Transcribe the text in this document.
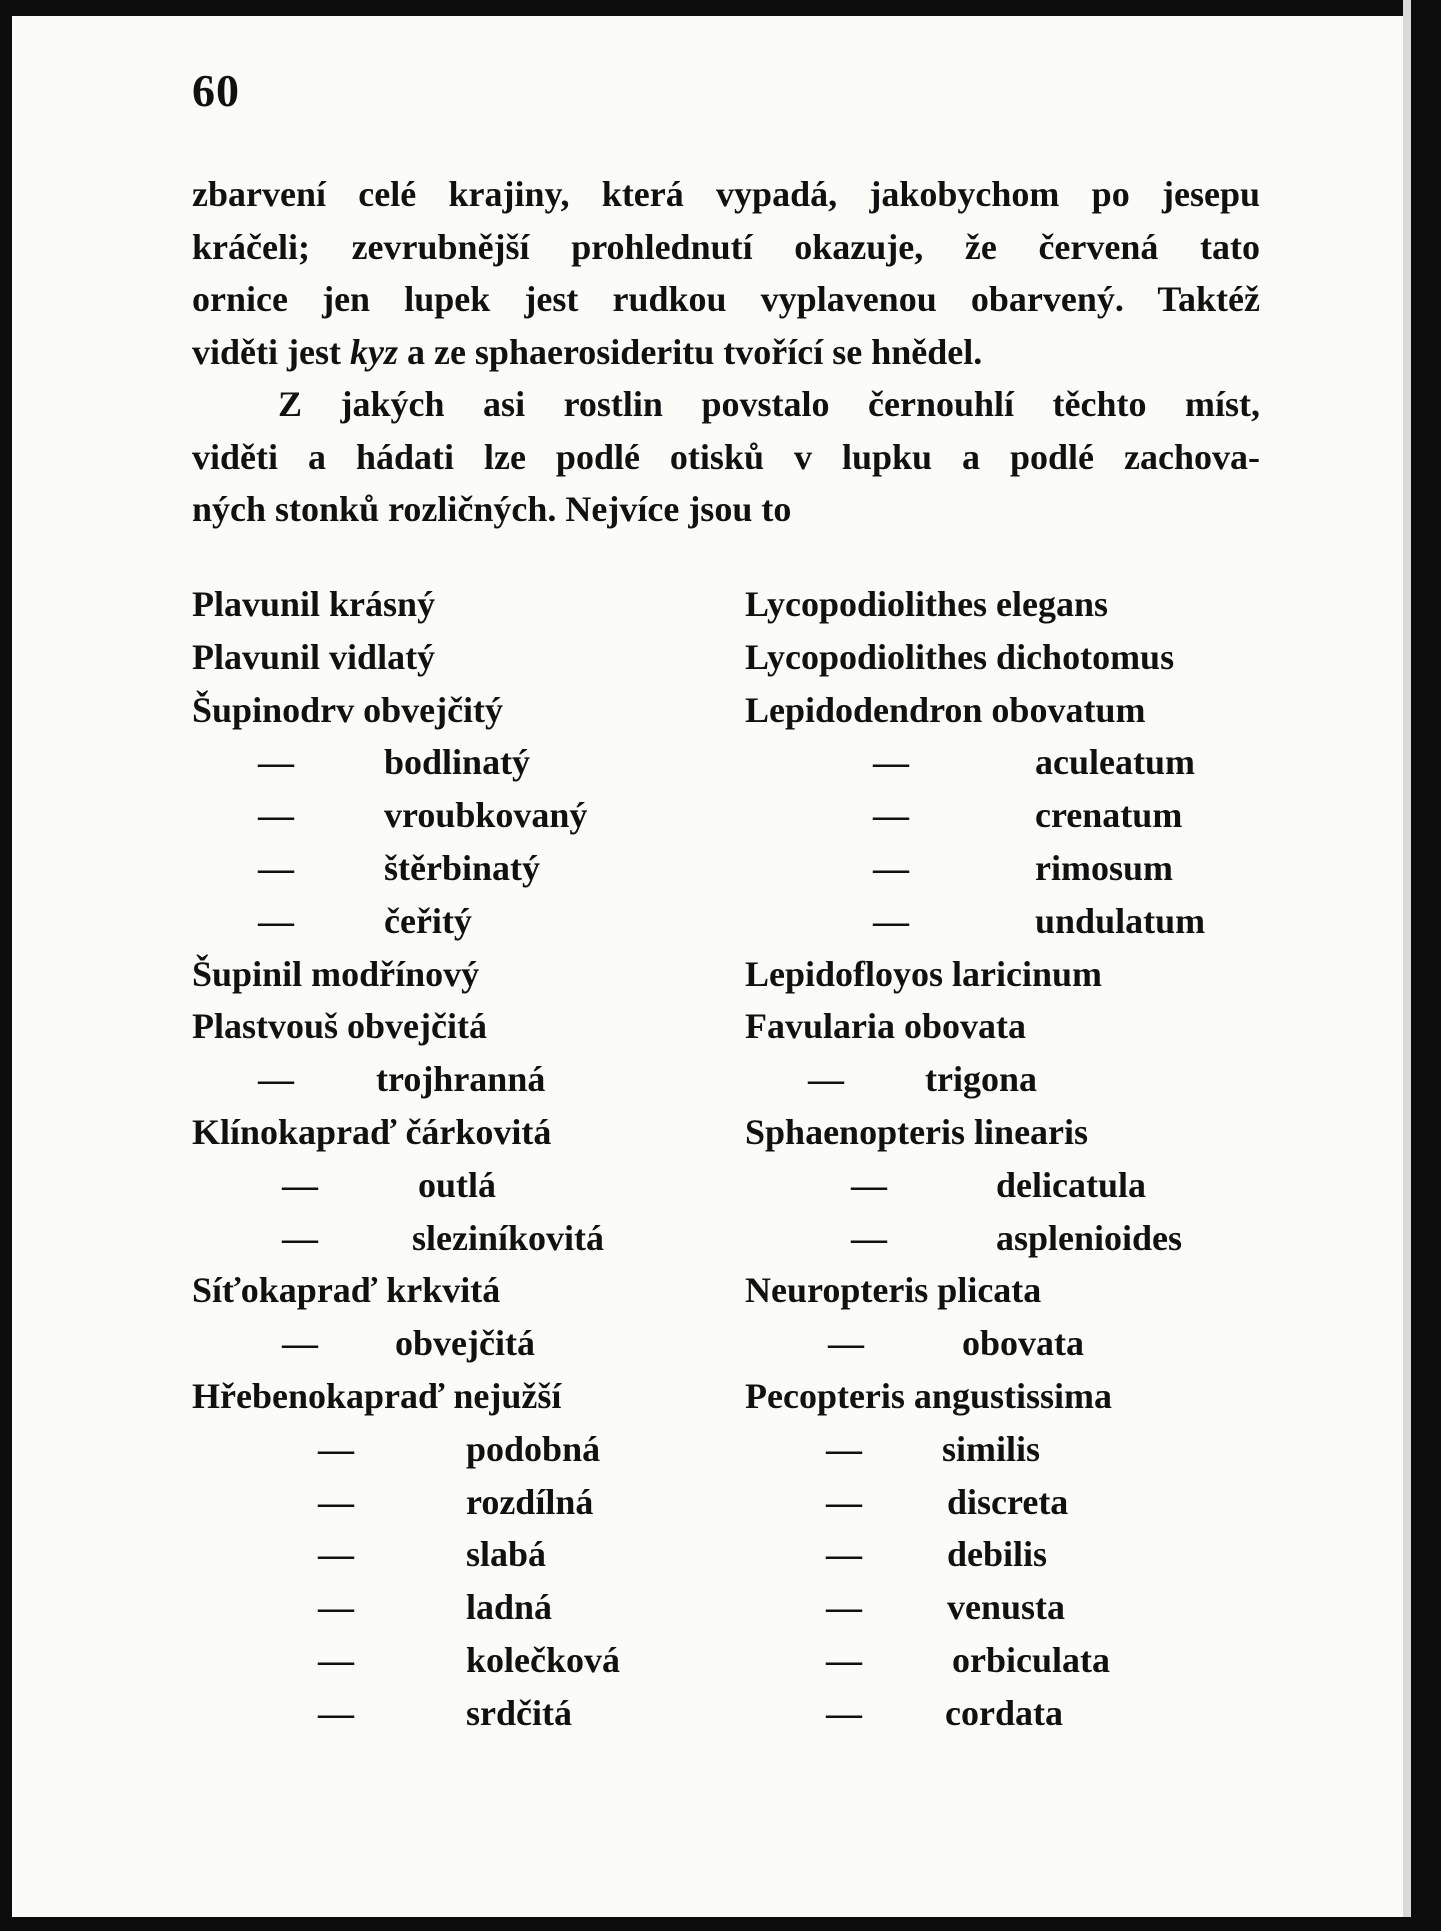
60
zbarvení celé krajiny, která vypadá, jakobychom po jesepu
kráčeli; zevrubnější prohlednutí okazuje, že červená tato
ornice jen lupek jest rudkou vyplavenou obarvený. Taktéž
viděti jest kyz a ze sphaerosideritu tvořící se hnědel.
Z jakých asi rostlin povstalo černouhlí těchto míst,
viděti a hádati lze podlé otisků v lupku a podlé zachova-
ných stonků rozličných. Nejvíce jsou to
Plavunil krásný	Lycopodiolithes elegans
Plavunil vidlatý	Lycopodiolithes dichotomus
Šupinodrv obvejčitý	Lepidodendron obovatum
—	bodlinatý	—	aculeatum
—	vroubkovaný	—	crenatum
—	štěrbinatý	—	rimosum
—	čeřitý	—	undulatum
Šupinil modřínový	Lepidofloyos laricinum
Plastvouš obvejčitá	Favularia obovata
— trojhranná	— trigona
Klínokapraď čárkovitá	Sphaenopteris linearis
—	outlá	—	delicatula
—	sleziníkovitá	—	asplenioides
Síťokapraď krkvitá	Neuropteris plicata
— obvejčitá	—	obovata
Hřebenokapraď nejužší	Pecopteris angustissima
—	podobná	— similis
—	rozdílná	— discreta
—	slabá	— debilis
—	ladná	— venusta
—	kolečková	—	orbiculata
—	srdčitá	— cordata
